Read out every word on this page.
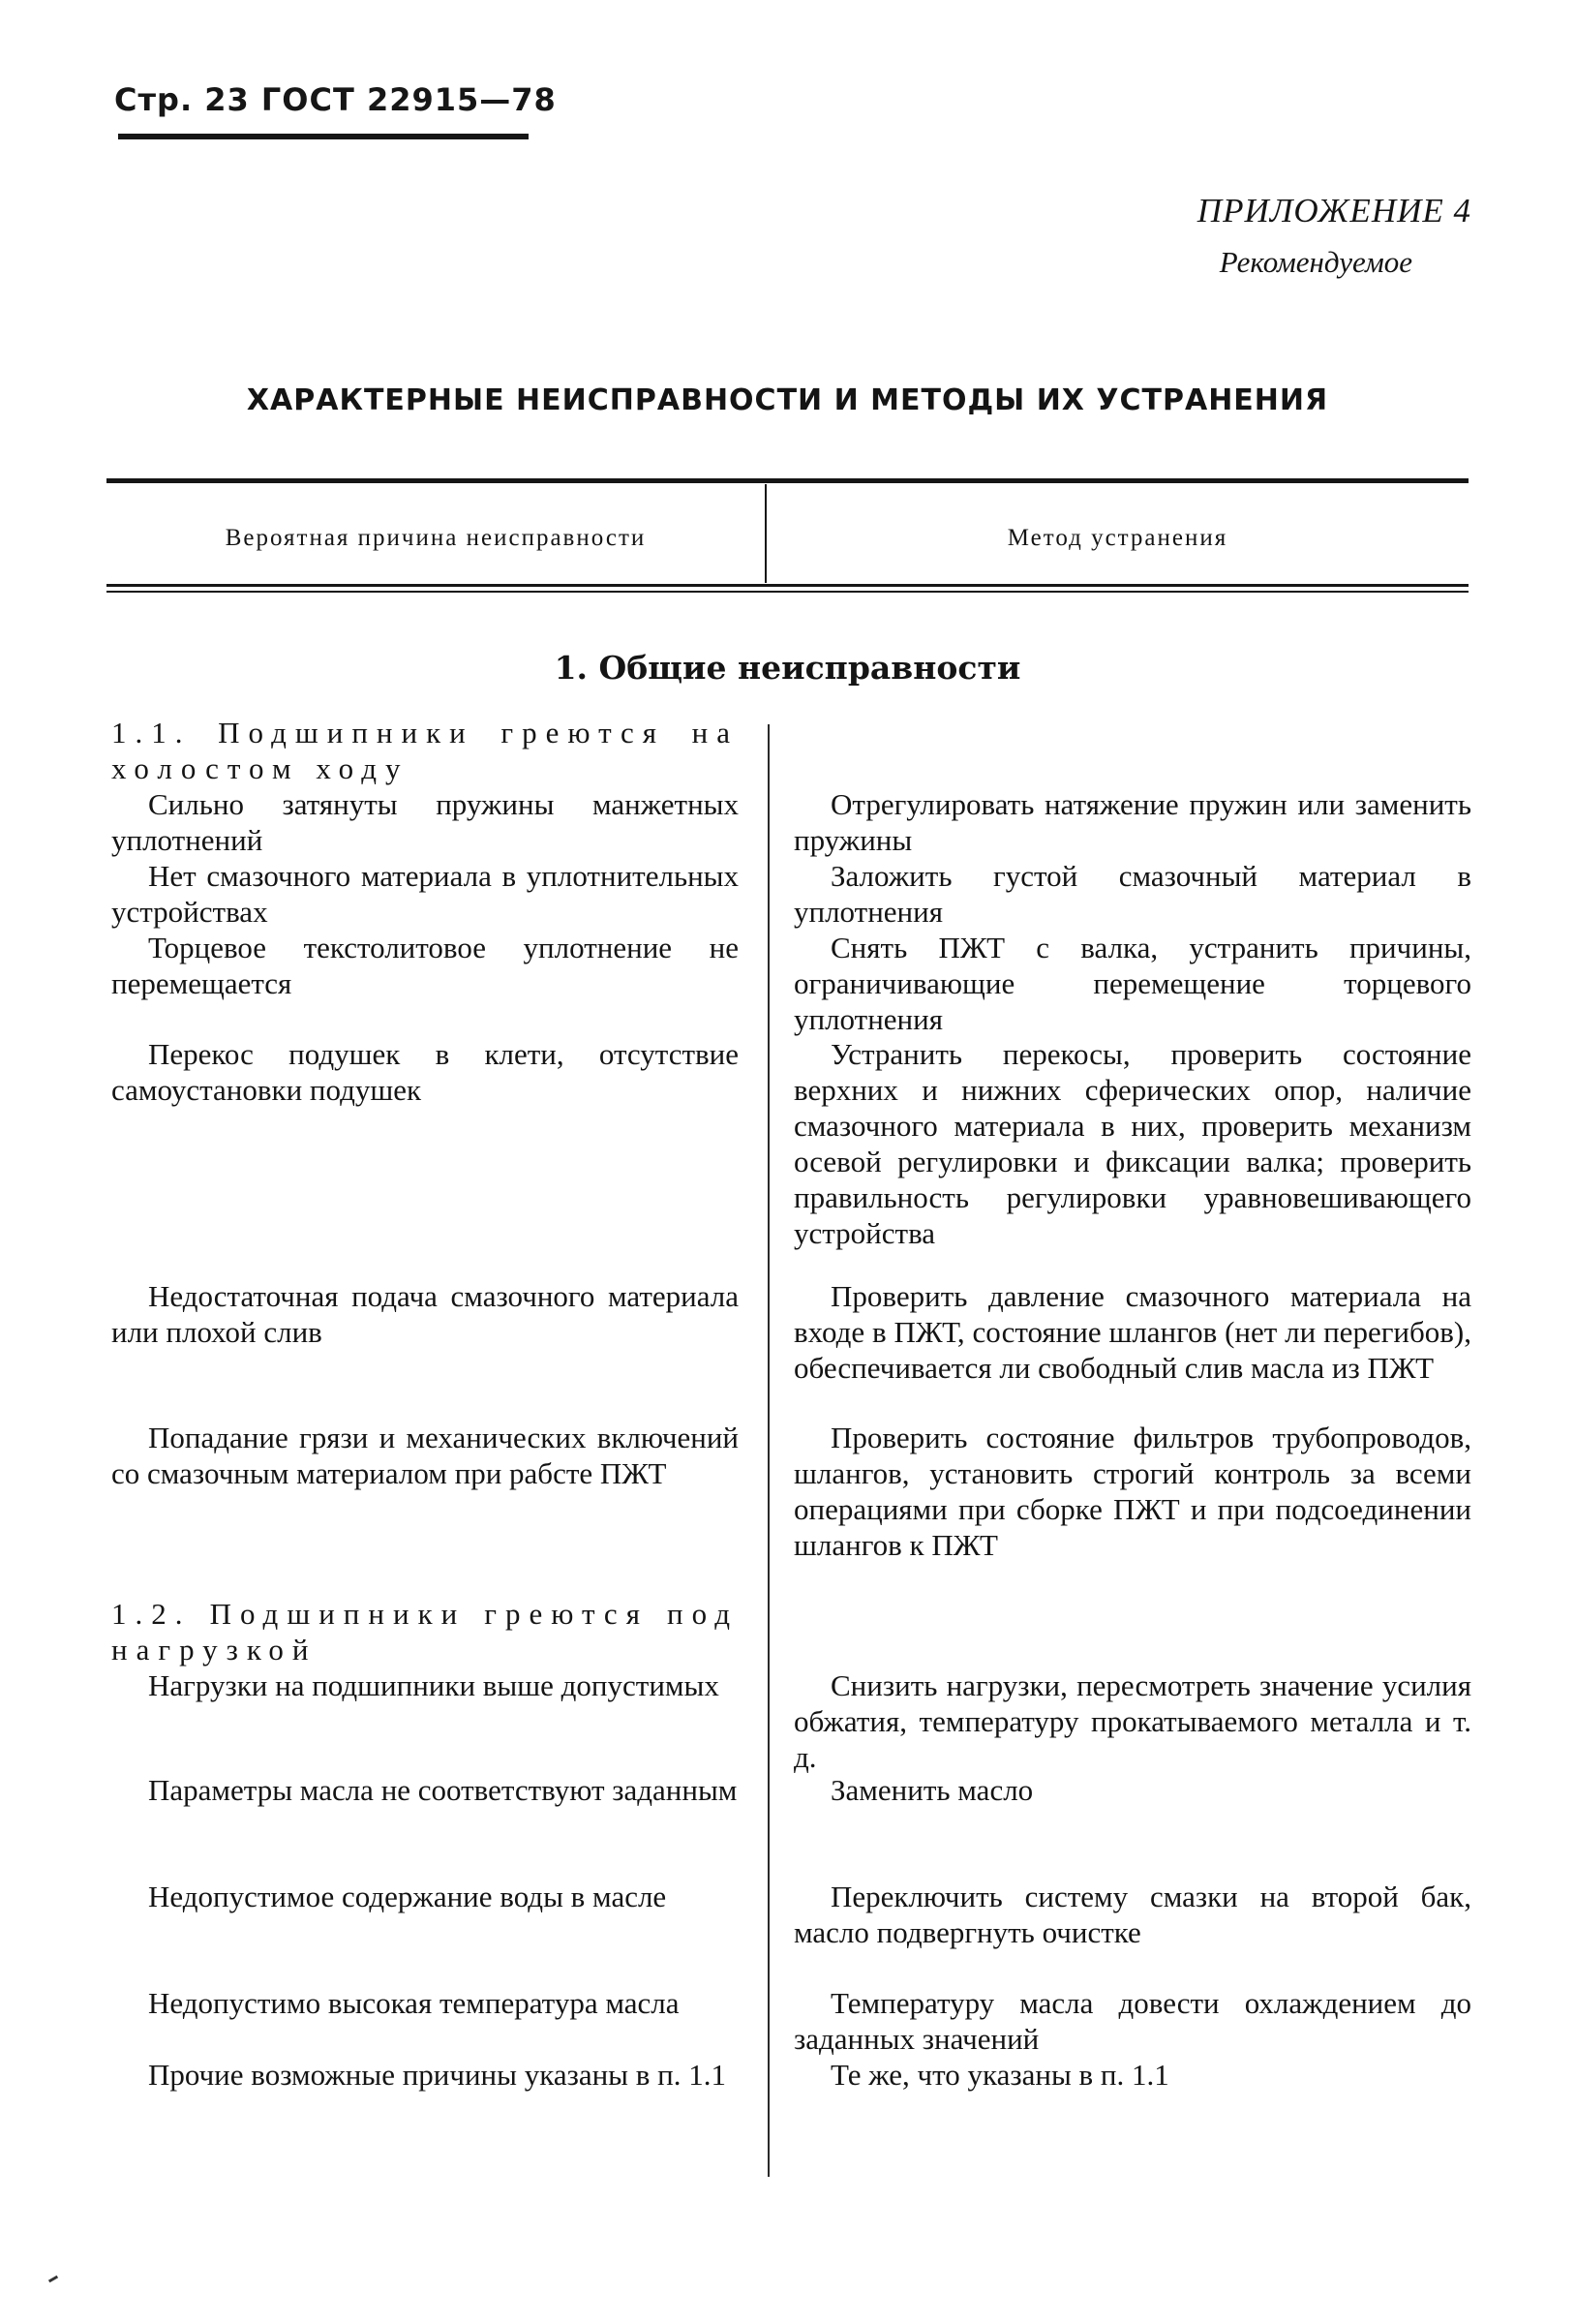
Стр. 23 ГОСТ 22915—78
ПРИЛОЖЕНИЕ 4
Рекомендуемое
ХАРАКТЕРНЫЕ НЕИСПРАВНОСТИ И МЕТОДЫ ИХ УСТРАНЕНИЯ
Вероятная причина неисправности	Метод устранения
1. Общие неисправности
1.1. Подшипники греются на холостом ходу
Сильно затянуты пружины манжетных уплотнений
Нет смазочного материала в уплотнительных устройствах
Торцевое текстолитовое уплотнение не перемещается
Перекос подушек в клети, отсутствие самоустановки подушек
Недостаточная подача смазочного материала или плохой слив
Попадание грязи и механических включений со смазочным материалом при рабсте ПЖТ
Отрегулировать натяжение пружин или заменить пружины
Заложить густой смазочный материал в уплотнения
Снять ПЖТ с валка, устранить причины, ограничивающие перемещение торцевого уплотнения
Устранить перекосы, проверить состояние верхних и нижних сферических опор, наличие смазочного материала в них, проверить механизм осевой регулировки и фиксации валка; проверить правильность регулировки уравновешивающего устройства
Проверить давление смазочного материала на входе в ПЖТ, состояние шлангов (нет ли перегибов), обеспечивается ли свободный слив масла из ПЖТ
Проверить состояние фильтров трубопроводов, шлангов, установить строгий контроль за всеми операциями при сборке ПЖТ и при подсоединении шлангов к ПЖТ
1.2. Подшипники греются под нагрузкой
Нагрузки на подшипники выше допустимых
Параметры масла не соответствуют заданным
Недопустимое содержание воды в масле
Недопустимо высокая температура масла
Прочие возможные причины указаны в п. 1.1
Снизить нагрузки, пересмотреть значение усилия обжатия, температуру прокатываемого металла и т. д.
Заменить масло
Переключить систему смазки на второй бак, масло подвергнуть очистке
Температуру масла довести охлаждением до заданных значений
Те же, что указаны в п. 1.1
